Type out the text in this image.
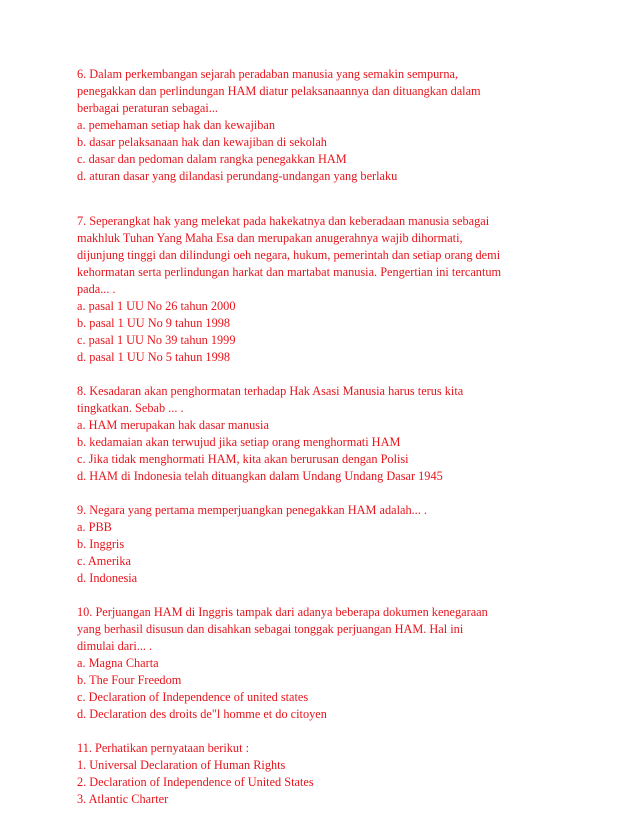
6. Dalam perkembangan sejarah peradaban manusia yang semakin sempurna,
penegakkan dan perlindungan HAM diatur pelaksanaannya dan dituangkan dalam
berbagai peraturan sebagai...
a. pemehaman setiap hak dan kewajiban
b. dasar pelaksanaan hak dan kewajiban di sekolah
c. dasar dan pedoman dalam rangka penegakkan HAM
d. aturan dasar yang dilandasi perundang-undangan yang berlaku
7. Seperangkat hak yang melekat pada hakekatnya dan keberadaan manusia sebagai
makhluk Tuhan Yang Maha Esa dan merupakan anugerahnya wajib dihormati,
dijunjung tinggi dan dilindungi oeh negara, hukum, pemerintah dan setiap orang demi
kehormatan serta perlindungan harkat dan martabat manusia. Pengertian ini tercantum
pada... .
a. pasal 1 UU No 26 tahun 2000
b. pasal 1 UU No 9 tahun 1998
c. pasal 1 UU No 39 tahun 1999
d. pasal 1 UU No 5 tahun 1998
8. Kesadaran akan penghormatan terhadap Hak Asasi Manusia harus terus kita
tingkatkan. Sebab ... .
a. HAM merupakan hak dasar manusia
b. kedamaian akan terwujud jika setiap orang menghormati HAM
c. Jika tidak menghormati HAM, kita akan berurusan dengan Polisi
d. HAM di Indonesia telah dituangkan dalam Undang Undang Dasar 1945
9. Negara yang pertama memperjuangkan penegakkan HAM adalah... .
a. PBB
b. Inggris
c. Amerika
d. Indonesia
10. Perjuangan HAM di Inggris tampak dari adanya beberapa dokumen kenegaraan
yang berhasil disusun dan disahkan sebagai tonggak perjuangan HAM. Hal ini
dimulai dari... .
a. Magna Charta
b. The Four Freedom
c. Declaration of Independence of united states
d. Declaration des droits de"l homme et do citoyen
11. Perhatikan pernyataan berikut :
1. Universal Declaration of Human Rights
2. Declaration of Independence of United States
3. Atlantic Charter
